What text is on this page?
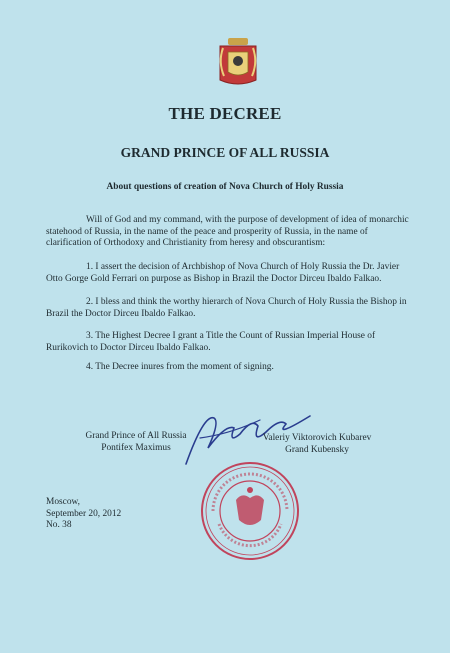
THE DECREE
GRAND PRINCE OF ALL RUSSIA
About questions of creation of Nova Church of Holy Russia

Will of God and my command, with the purpose of development of idea of monarchic statehood of Russia, in the name of the peace and prosperity of Russia, in the name of clarification of Orthodoxy and Christianity from heresy and obscurantism:

1. I assert the decision of Archbishop of Nova Church of Holy Russia the Dr. Javier Otto Gorge Gold Ferrari on purpose as Bishop in Brazil the Doctor Dirceu Ibaldo Falkao.

2. I bless and think the worthy hierarch of Nova Church of Holy Russia the Bishop in Brazil the Doctor Dirceu Ibaldo Falkao.

3. The Highest Decree I grant a Title the Count of Russian Imperial House of Rurikovich to Doctor Dirceu Ibaldo Falkao.

4. The Decree inures from the moment of signing.

Grand Prince of All Russia
Pontifex Maximus
Valeriy Viktorovich Kubarev
Grand Kubensky
Moscow,
September 20, 2012
No. 38
